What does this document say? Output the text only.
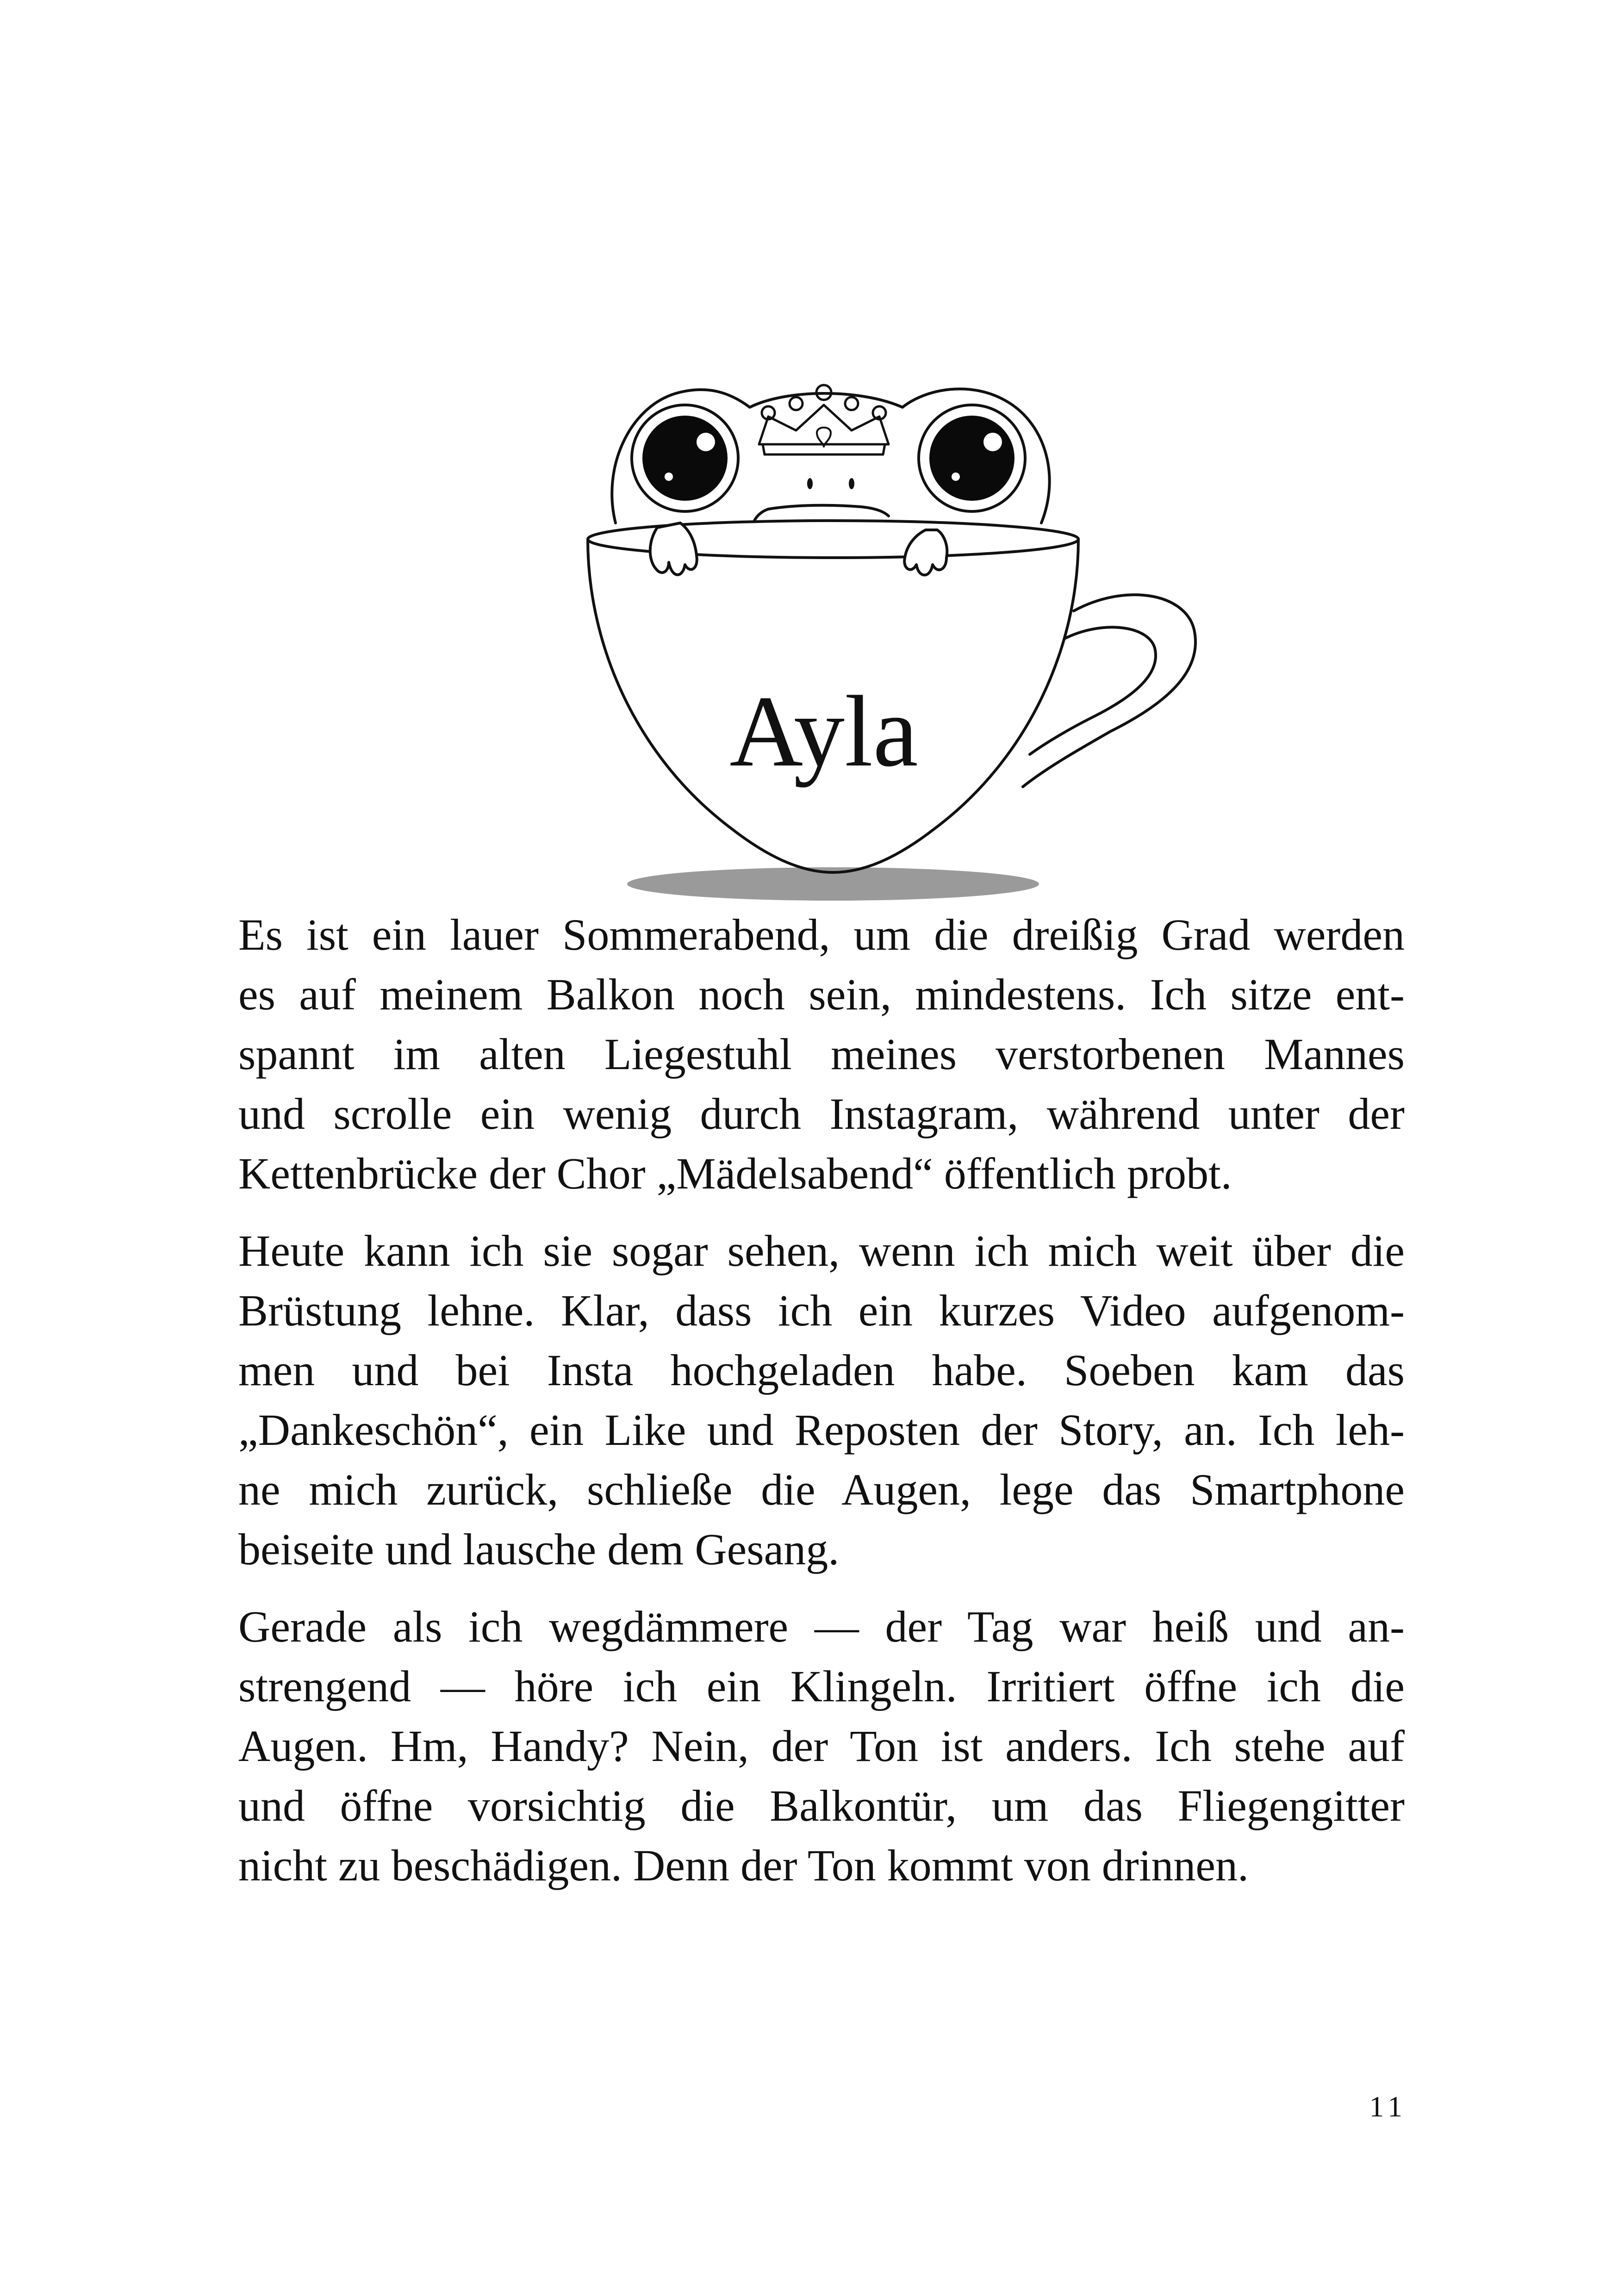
Ayla

Es ist ein lauer Sommerabend, um die dreißig Grad werden
es auf meinem Balkon noch sein, mindestens. Ich sitze ent-
spannt im alten Liegestuhl meines verstorbenen Mannes
und scrolle ein wenig durch Instagram, während unter der
Kettenbrücke der Chor „Mädelsabend“ öffentlich probt.

Heute kann ich sie sogar sehen, wenn ich mich weit über die
Brüstung lehne. Klar, dass ich ein kurzes Video aufgenom-
men und bei Insta hochgeladen habe. Soeben kam das
„Dankeschön“, ein Like und Reposten der Story, an. Ich leh-
ne mich zurück, schließe die Augen, lege das Smartphone
beiseite und lausche dem Gesang.

Gerade als ich wegdämmere — der Tag war heiß und an-
strengend — höre ich ein Klingeln. Irritiert öffne ich die
Augen. Hm, Handy? Nein, der Ton ist anders. Ich stehe auf
und öffne vorsichtig die Balkontür, um das Fliegengitter
nicht zu beschädigen. Denn der Ton kommt von drinnen.

11
